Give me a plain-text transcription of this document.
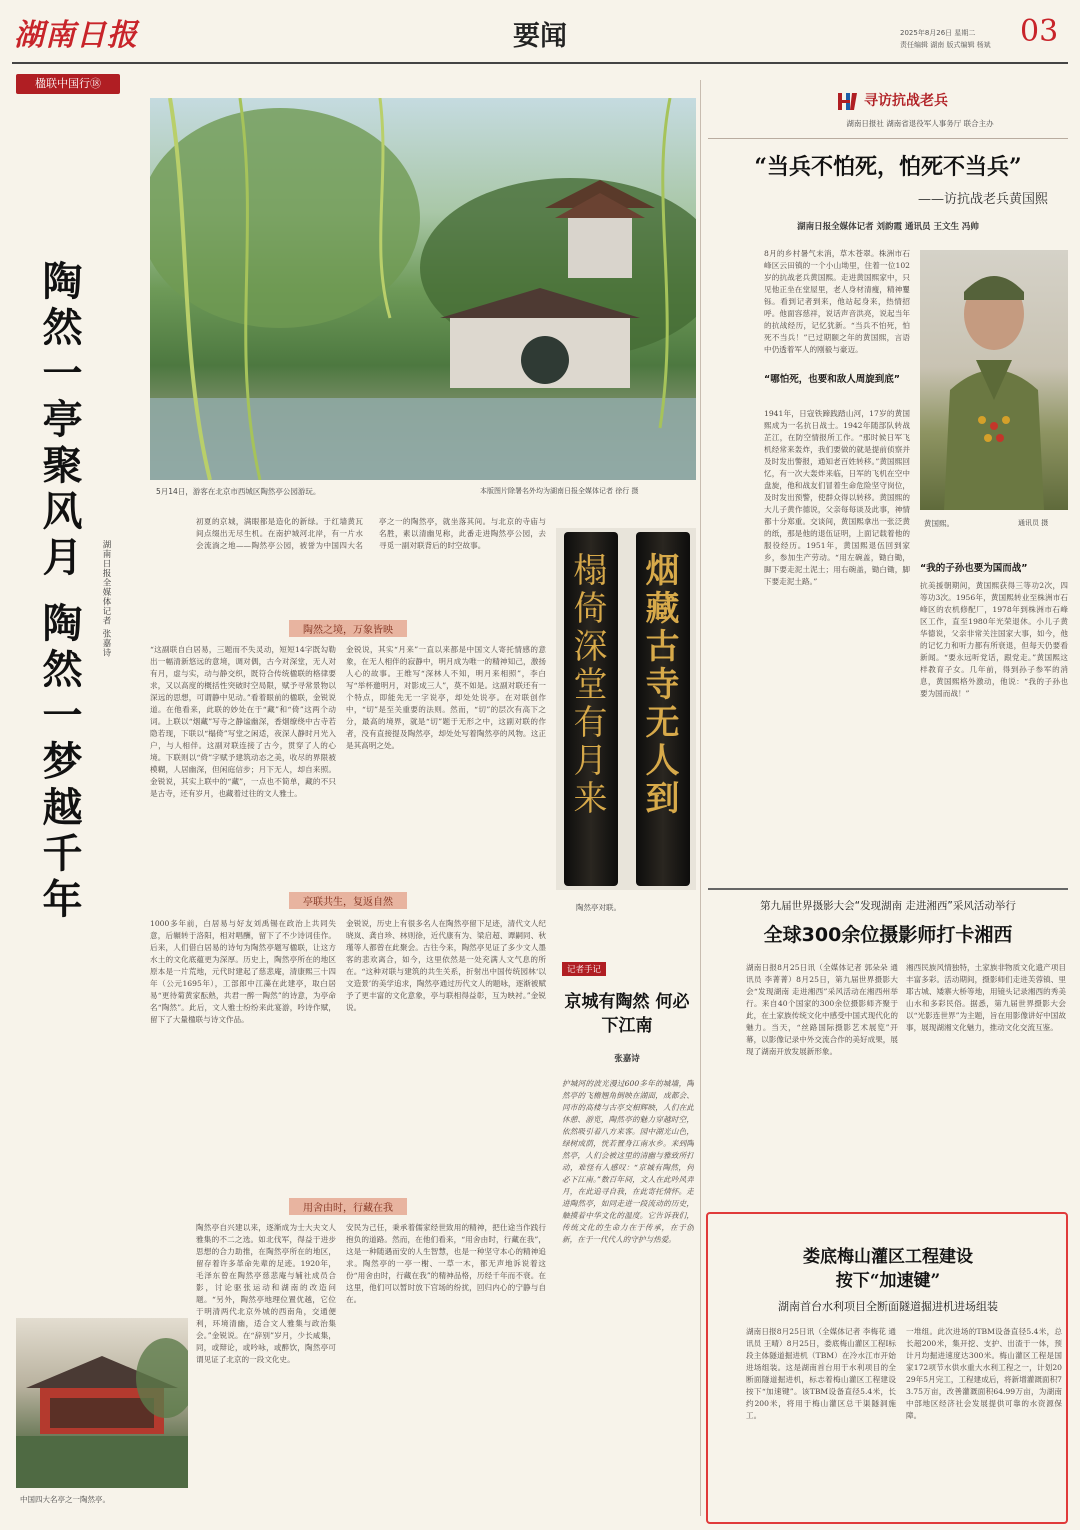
湖南日报	要闻	2025年8月26日 星期二
责任编辑 湖南 版式编辑 杨斌 03
楹联中国行⑱
陶然一亭聚风月 陶然一梦越千年	湖南日报全媒体记者 张嘉诗
5月14日，游客在北京市西城区陶然亭公园游玩。	本版图片除署名外均为湖南日报全媒体记者 徐行 摄
初夏的京城，满眼都是造化的新绿。于红墙黄瓦间点缀出无尽生机。在南护城河北岸，有一片水会流淌之地——陶然亭公园，被誉为中国四大名亭之一的陶然亭，就坐落其间。与北京的寺庙与名胜，素以清幽见称，此番走进陶然亭公园，去寻觅一副对联背后的时空故事。
陶然之境，万象皆映
“这副联自白居易，三题而不失灵动，短短14字既勾勒出一幅清新悠远的意境，调对偶，古今对深堂，无人对有月，虚与实，动与静交织，既符合传统楹联的格律要求，又以高度的概括性突破时空局限，赋予寻常景物以深远的思想，可谓静中见动。”看着眼前的楹联，金锐说道。在他看来，此联的妙处在于“藏”和“倚”这两个动词。上联以“烟藏”写寺之静谧幽深，香烟缭绕中古寺若隐若现，下联以“榻倚”写堂之闲适，夜深人静时月光入户，与人相伴。这副对联连接了古今，贯穿了人的心境。下联则以“倚”字赋予建筑动态之美，收尽的界限被模糊，人居幽深，但闲庭信步；月下无人，却自来照。金锐说，其实上联中的“藏”，一点也不简单，藏的不只是古寺，还有岁月，也藏着过往的文人雅士。
金锐说，其实“月来”一直以来都是中国文人寄托情感的意象，在无人相伴的寂静中，明月成为唯一的精神知己，激扬人心的故事。王维写“深林人不知，明月来相照”，李白写“举杯邀明月，对影成三人”，莫不如是。这副对联还有一个特点，即能先无一字说亭，却处处说亭。在对联创作中，“切”是至关重要的法则。然而，“切”的层次有高下之分，最高的境界，就是“切”题于无形之中，这副对联的作者，没有直接提及陶然亭，却处处写着陶然亭的风物。这正是其高明之处。	榻倚深堂有月来 烟藏古寺无人到
陶然亭对联。
亭联共生，复返自然
1000多年前，白居易与好友刘禹锡在政治上共同失意，后辗转于洛阳，相对唱酬，留下了不少诗词佳作。后来，人们借白居易的诗句为陶然亭题写楹联，让这方水土的文化底蕴更为深厚。历史上，陶然亭所在的地区原本是一片荒地，元代时建起了慈悲庵，清康熙三十四年（公元1695年），工部郎中江藻在此建亭，取白居易“更待菊黄家酝熟，共君一醉一陶然”的诗意，为亭命名“陶然”。此后，文人雅士纷纷来此宴游，吟诗作赋，留下了大量楹联与诗文作品。
金锐说，历史上有很多名人在陶然亭留下足迹，清代文人纪晓岚、龚自珍、林则徐，近代康有为、梁启超、谭嗣同、秋瑾等人都曾在此聚会。古往今来，陶然亭见证了多少文人墨客的悲欢离合，如今，这里依然是一处充满人文气息的所在。“这种对联与建筑的共生关系，折射出中国传统园林‘以文造景’的美学追求，陶然亭通过历代文人的题咏，逐渐被赋予了更丰富的文化意象，亭与联相得益彰，互为映衬。”金锐说。
用舍由时，行藏在我
陶然亭自兴建以来，逐渐成为士大夫文人雅集的不二之选。如北伐军，得益于进步思想的合力助推，在陶然亭所在的地区，留存着许多革命先辈的足迹。1920年，毛泽东曾在陶然亭慈悲庵与辅社成员合影，讨论驱张运动和湖南的改造问题。“另外，陶然亭地理位置优越，它位于明清两代北京外城的西南角，交通便利，环境清幽，适合文人雅集与政治集会。”金锐说。在“辞别”岁月，少长咸集，同，或辩论，或吟咏，或醉饮，陶然亭可谓见证了北京的一段文化史。
安民为己任，秉承着儒家经世致用的精神，把仕途当作践行抱负的道路。然而，在他们看来，“用舍由时，行藏在我”，这是一种随遇而安的人生智慧，也是一种坚守本心的精神追求。陶然亭的一亭一榭、一草一木，都无声地诉说着这份“用舍由时，行藏在我”的精神品格，历经千年而不衰。在这里，他们可以暂时放下官场的纷扰，回归内心的宁静与自在。
中国四大名亭之一陶然亭。
记者手记
京城有陶然 何必下江南
张嘉诗
护城河的波光漫过600多年的城墙，陶然亭的飞檐翘角倒映在湖面，成都会、同市的高楼与古亭交相辉映，人们在此休憩、游览，陶然亭的魅力穿越时空，依然吸引着八方来客。园中湖光山色，绿树成荫，恍若置身江南水乡。来到陶然亭，人们会被这里的清幽与雅致所打动，难怪有人感叹：“京城有陶然，何必下江南。”数百年间，文人在此吟风弄月，在此追寻自我，在此寄托情怀。走进陶然亭，如同走进一段流动的历史，触摸着中华文化的温度。它告诉我们，传统文化的生命力在于传承，在于创新，在于一代代人的守护与热爱。
寻访抗战老兵
湖南日报社 湖南省退役军人事务厅 联合主办
“当兵不怕死，怕死不当兵”
——访抗战老兵黄国熙
湖南日报全媒体记者 刘韵霞 通讯员 王文生 冯帅
8月的乡村暑气未消，草木苍翠。株洲市石峰区云田镇的一个小山坳里，住着一位102岁的抗战老兵黄国熙。走进黄国熙家中，只见他正坐在堂屋里，老人身材清瘦，精神矍铄。看到记者到来，他站起身来，热情招呼。他面容慈祥，说话声音洪亮，说起当年的抗战经历，记忆犹新。“当兵不怕死，怕死不当兵！”已过期颐之年的黄国熙，言语中仍透着军人的刚毅与豪迈。
“哪怕死，也要和敌人周旋到底”
1941年，日寇铁蹄践踏山河，17岁的黄国熙成为一名抗日战士。1942年随部队转战芷江，在防空情报所工作。“那时候日军飞机经常来轰炸，我们要做的就是提前侦察并及时发出警报，通知老百姓转移。”黄国熙回忆，有一次大轰炸来临，日军的飞机在空中盘旋，他和战友们冒着生命危险坚守岗位，及时发出预警，使群众得以转移。黄国熙的大儿子黄作德说，父亲每每谈及此事，神情都十分郑重。交谈间，黄国熙拿出一张泛黄的纸，那是他的退伍证明，上面记载着他的服役经历。1951年，黄国熙退伍回到家乡，参加生产劳动。“用左碗盖，锄白锄，脚下要走泥土泥土；用右碗盖，锄白锄，脚下要走泥土路。”
黄国熙。	通讯员 摄
“我的子孙也要为国而战”
抗美援朝期间，黄国熙获得三等功2次，四等功3次。1956年，黄国熙转业至株洲市石峰区的农机修配厂，1978年到株洲市石峰区工作，直至1980年光荣退休。小儿子黄华德说，父亲非常关注国家大事，如今，他的记忆力和听力都有所衰退，但每天仍要看新闻。“要永远听党话，跟党走。”黄国熙这样教育子女。几年前，得到孙子参军的消息，黄国熙格外激动，他说：“我的子孙也要为国而战！”
第九届世界摄影大会“发现湖南 走进湘西”采风活动举行
全球300余位摄影师打卡湘西
湖南日报8月25日讯（全媒体记者 郭朵朵 通讯员 李菁菁）8月25日，第九届世界摄影大会“发现湖南 走进湘西”采风活动在湘西州举行。来自40个国家的300余位摄影师齐聚于此，在土家族传统文化中感受中国式现代化的魅力。当天，“丝路国际摄影艺术展览”开幕，以影像记录中外交流合作的美好成果，展现了湖南开放发展新形象。
湘西民族风情独特，土家族非物质文化遗产项目丰富多彩。活动期间，摄影师们走进芙蓉镇、里耶古城、矮寨大桥等地，用镜头记录湘西的秀美山水和多彩民俗。据悉，第九届世界摄影大会以“光影连世界”为主题，旨在用影像讲好中国故事，展现湖湘文化魅力，推动文化交流互鉴。
娄底梅山灌区工程建设
按下“加速键”
湖南首台水利项目全断面隧道掘进机进场组装
湖南日报8月25日讯（全媒体记者 李梅花 通讯员 王晴）8月25日，娄底梅山灌区工程Ⅰ标段主体隧道掘进机（TBM）在冷水江市开始进场组装。这是湖南首台用于水利项目的全断面隧道掘进机，标志着梅山灌区工程建设按下“加速键”。该TBM设备直径5.4米，长约200米，将用于梅山灌区总干渠隧洞施工。
一堆组。此次进场的TBM设备直径5.4米，总长超200米，集开挖、支护、出渣于一体，预计月均掘进速度达300米。梅山灌区工程是国家172项节水供水重大水利工程之一，计划2029年5月完工，工程建成后，将新增灌溉面积73.75万亩，改善灌溉面积64.99万亩，为湖南中部地区经济社会发展提供可靠的水资源保障。
